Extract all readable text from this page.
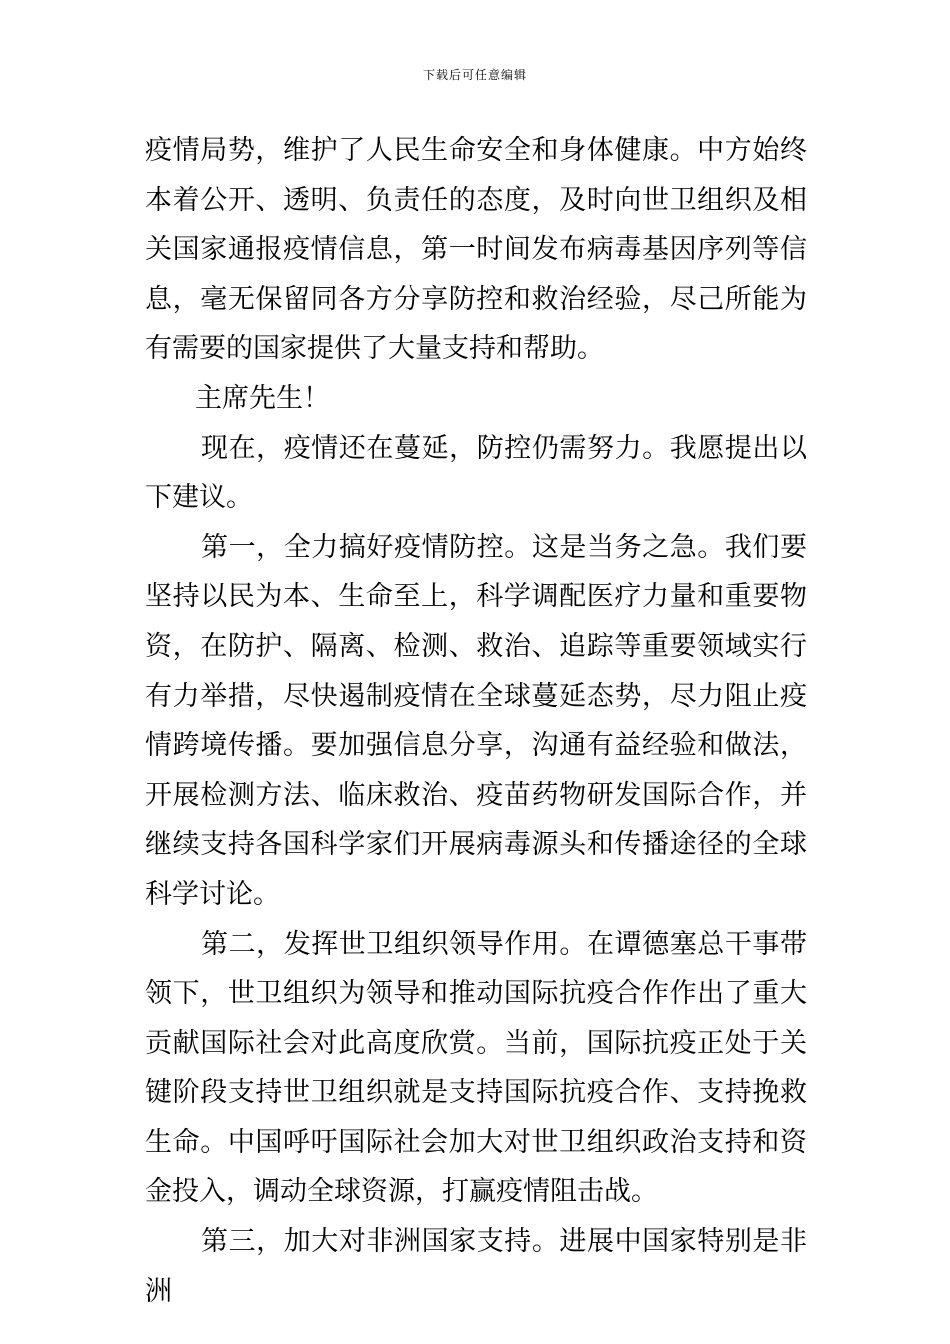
下载后可任意编辑

疫情局势，维护了人民生命安全和身体健康。中方始终本着公开、透明、负责任的态度，及时向世卫组织及相关国家通报疫情信息，第一时间发布病毒基因序列等信息，毫无保留同各方分享防控和救治经验，尽己所能为有需要的国家提供了大量支持和帮助。

主席先生！

现在，疫情还在蔓延，防控仍需努力。我愿提出以下建议。

第一，全力搞好疫情防控。这是当务之急。我们要坚持以民为本、生命至上，科学调配医疗力量和重要物资，在防护、隔离、检测、救治、追踪等重要领域实行有力举措，尽快遏制疫情在全球蔓延态势，尽力阻止疫情跨境传播。要加强信息分享，沟通有益经验和做法，开展检测方法、临床救治、疫苗药物研发国际合作，并继续支持各国科学家们开展病毒源头和传播途径的全球科学讨论。

第二，发挥世卫组织领导作用。在谭德塞总干事带领下，世卫组织为领导和推动国际抗疫合作作出了重大贡献国际社会对此高度欣赏。当前，国际抗疫正处于关键阶段支持世卫组织就是支持国际抗疫合作、支持挽救生命。中国呼吁国际社会加大对世卫组织政治支持和资金投入，调动全球资源，打赢疫情阻击战。

第三，加大对非洲国家支持。进展中国家特别是非洲
